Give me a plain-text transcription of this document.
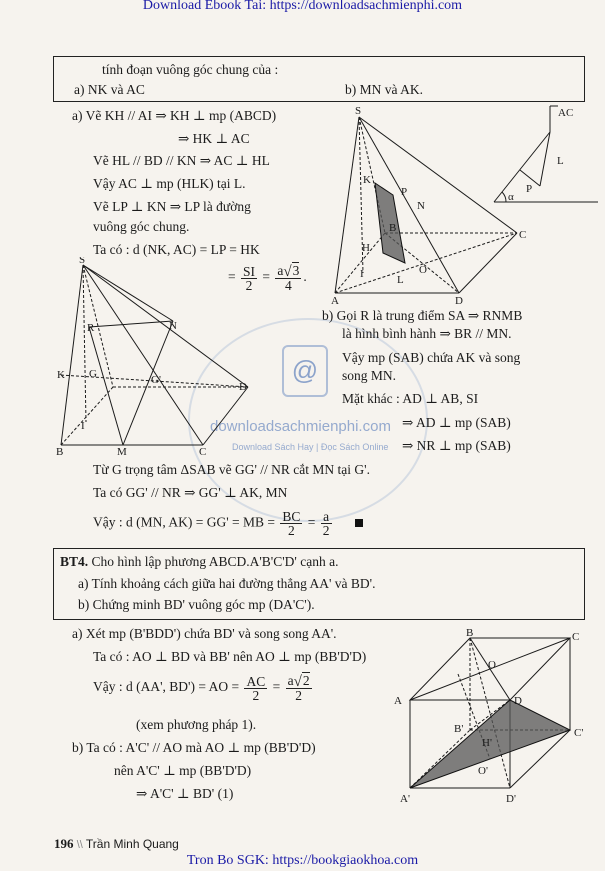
Download Ebook Tai: https://downloadsachmienphi.com
Tron Bo SGK: https://bookgiaokhoa.com
@
downloadsachmienphi.com
Download Sách Hay | Đọc Sách Online
tính đoạn vuông góc chung của :
a) NK và AC	b) MN và AK.
a) Vẽ KH // AI ⇒ KH ⊥ mp (ABCD)
⇒ HK ⊥ AC
Vẽ HL // BD // KN ⇒ AC ⊥ HL
Vậy AC ⊥ mp (HLK) tại L.
Vẽ LP ⊥ KN ⇒ LP là đường
vuông góc chung.
Ta có : d (NK, AC) = LP = HK
= $\frac{SI}{2} = \frac{a√3}{4}$ .
S
K
P
N
B
H
I	L
O
A	D
C
AC
L
P
α
S
R	N
K G	G'
D
I
B	M	C
b) Gọi R là trung điểm SA ⇒ RNMB
là hình bình hành ⇒ BR // MN.
Vậy mp (SAB) chứa AK và song
song MN.
Mặt khác : AD ⊥ AB, SI
⇒ AD ⊥ mp (SAB)
⇒ NR ⊥ mp (SAB)
Từ G trọng tâm ΔSAB vẽ GG' // NR cắt MN tại G'.
Ta có GG' // NR ⇒ GG' ⊥ AK, MN
Vậy : d (MN, AK) = GG' = MB = $\frac{BC}{2} = \frac{a}{2}$

BT4. Cho hình lập phương ABCD.A'B'C'D' cạnh a.
a) Tính khoảng cách giữa hai đường thẳng AA' và BD'.
b) Chứng minh BD' vuông góc mp (DA'C').
a) Xét mp (B'BDD') chứa BD' và song song AA'.
Ta có : AO ⊥ BD và BB' nên AO ⊥ mp (BB'D'D)
Vậy : d (AA', BD') = AO = $\frac{AC}{2} = \frac{a√2}{2}$
(xem phương pháp 1).
b) Ta có : A'C' // AO mà AO ⊥ mp (BB'D'D)
nên A'C' ⊥ mp (BB'D'D)
⇒ A'C' ⊥ BD' (1)
B	C
O
A	D
B'
H'
C'
O'
A'	D'
196 \\ Trần Minh Quang
